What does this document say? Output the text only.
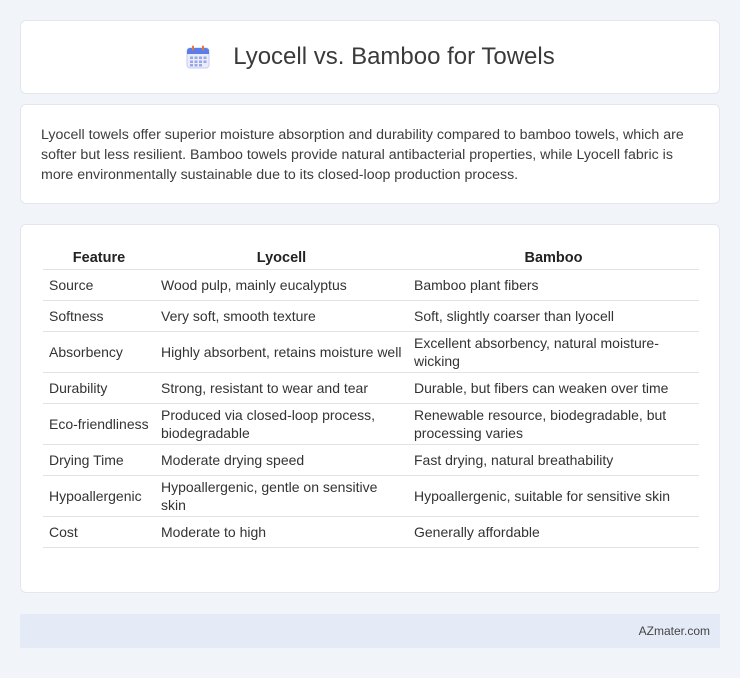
Lyocell vs. Bamboo for Towels

Lyocell towels offer superior moisture absorption and durability compared to bamboo towels, which are softer but less resilient. Bamboo towels provide natural antibacterial properties, while Lyocell fabric is more environmentally sustainable due to its closed-loop production process.

Feature	Lyocell	Bamboo
Source	Wood pulp, mainly eucalyptus	Bamboo plant fibers
Softness	Very soft, smooth texture	Soft, slightly coarser than lyocell
Absorbency	Highly absorbent, retains moisture well	Excellent absorbency, natural moisture-wicking
Durability	Strong, resistant to wear and tear	Durable, but fibers can weaken over time
Eco-friendliness	Produced via closed-loop process, biodegradable	Renewable resource, biodegradable, but processing varies
Drying Time	Moderate drying speed	Fast drying, natural breathability
Hypoallergenic	Hypoallergenic, gentle on sensitive skin	Hypoallergenic, suitable for sensitive skin
Cost	Moderate to high	Generally affordable
AZmater.com
